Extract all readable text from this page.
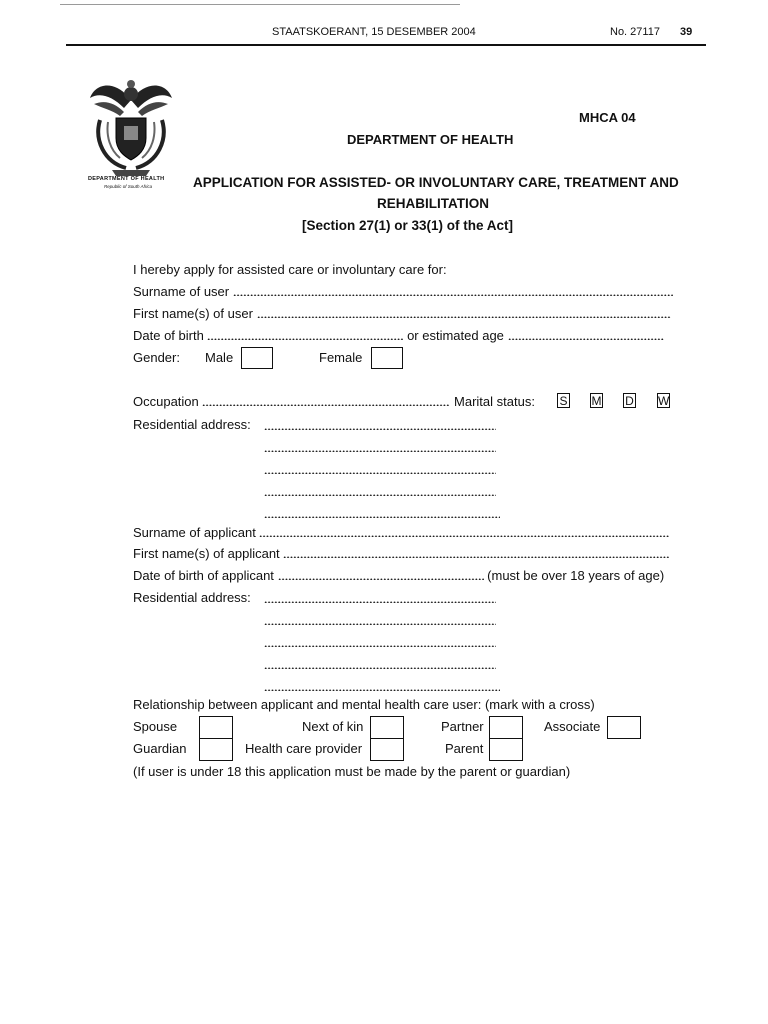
STAATSKOERANT, 15 DESEMBER 2004	No. 27117 39
DEPARTMENT OF HEALTH
Republic of South Africa
MHCA 04
DEPARTMENT OF HEALTH
APPLICATION FOR ASSISTED- OR INVOLUNTARY CARE, TREATMENT AND
REHABILITATION
[Section 27(1) or 33(1) of the Act]
I hereby apply for assisted care or involuntary care for:
Surname of user
First name(s) of user
Date of birth	or estimated age
Gender: Male	Female
Occupation	Marital status: S M D W
Residential address:
Surname of applicant
First name(s) of applicant
Date of birth of applicant	(must be over 18 years of age)
Residential address:
Relationship between applicant and mental health care user: (mark with a cross)
Spouse	Next of kin	Partner	Associate
Guardian	Health care provider	Parent
(If user is under 18 this application must be made by the parent or guardian)
